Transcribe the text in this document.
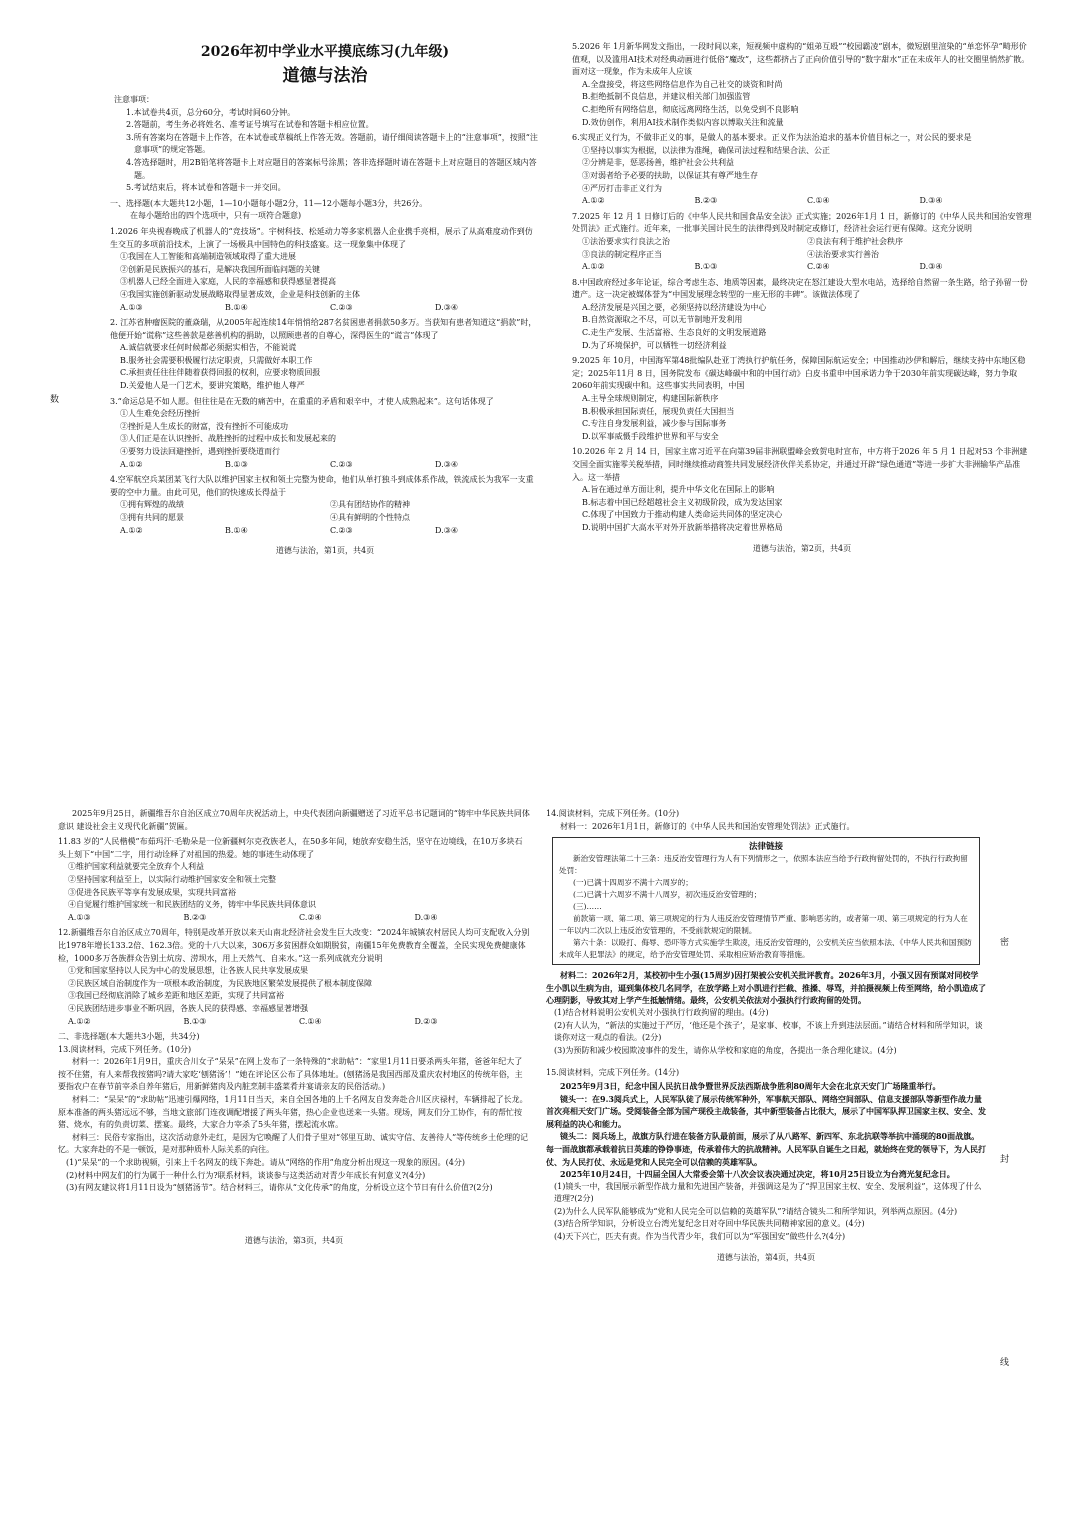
数
密
封
线
2026年初中学业水平摸底练习(九年级)
道德与法治
注意事项：
1.本试卷共4页，总分60分，考试时间60分钟。
2.答题前，考生务必将姓名、准考证号填写在试卷和答题卡相应位置。
3.所有答案均在答题卡上作答，在本试卷或草稿纸上作答无效。答题前，请仔细阅读答题卡上的“注意事项”，按照“注意事项”的规定答题。
4.答选择题时，用2B铅笔将答题卡上对应题目的答案标号涂黑；答非选择题时请在答题卡上对应题目的答题区域内答题。
5.考试结束后，将本试卷和答题卡一并交回。
一、选择题(本大题共12小题，1—10小题每小题2分，11—12小题每小题3分，共26分。
在每小题给出的四个选项中，只有一项符合题意)
1.2026 年央视春晚成了机器人的“竞技场”。宇树科技、松延动力等多家机器人企业携手亮相，展示了从高难度动作到仿生交互的多项前沿技术，上演了一场极具中国特色的科技盛宴。这一现象集中体现了
①我国在人工智能和高端制造领域取得了重大进展
②创新是民族振兴的基石，是解决我国所面临问题的关键
③机器人已经全面进入家庭，人民的幸福感和获得感显著提高
④我国实施创新驱动发展战略取得显著成效，企业是科技创新的主体
A.①③	B.①④	C.②③	D.③④
2. 江苏省肿瘤医院的董焱瑞，从2005年起连续14年悄悄给287名贫困患者捐款50多万。当获知有患者知道这“捐款”时，他便开始“谎称”这些善款是慈善机构的捐助，以照顾患者的自尊心，深得医生的“谎言”体现了
A.诚信就要求任何时候都必须据实相告，不能说谎
B.服务社会需要积极履行法定职责，只需做好本职工作
C.承担责任往往伴随着获得回报的权利，应要求物质回报
D.关爱他人是一门艺术，要讲究策略，维护他人尊严
3.“命运总是不如人愿。但往往是在无数的痛苦中，在重重的矛盾和艰辛中，才使人成熟起来”。这句话体现了
①人生难免会经历挫折
②挫折是人生成长的财富，没有挫折不可能成功
③人们正是在认识挫折、战胜挫折的过程中成长和发展起来的
④要努力设法回避挫折，遇到挫折要绕道而行
A.①②	B.①③	C.②③	D.③④
4.空军航空兵某团某飞行大队以维护国家主权和领土完整为使命，他们从单打独斗到成体系作战，铁流成长为我军一支重要的空中力量。由此可见，他们的快速成长得益于
①拥有辉煌的战绩	②具有团结协作的精神
③拥有共同的愿景	④具有鲜明的个性特点
A.①②	B.①④	C.②③	D.③④
道德与法治，第1页，共4页
5.2026 年 1月新华网发文指出，一段时间以来，短视频中虚构的“姐弟互殴”“校园霸凌”剧本，微短剧里渲染的“单恋怀孕”畸形价值观，以及滥用AI技术对经典动画进行低俗“魔改”，这些都挤占了正向价值引导的“数字甜水”正在未成年人的社交圈里悄然扩散。面对这一现象，作为未成年人应该
A.全盘接受，将这些网络信息作为自己社交的谈资和时尚
B.拒绝抵制不良信息，并建议相关部门加强监管
C.拒绝所有网络信息，彻底远离网络生活，以免受到不良影响
D.效仿创作，利用AI技术制作类似内容以博取关注和流量
6.实现正义行为，不做非正义的事，是做人的基本要求。正义作为法治追求的基本价值目标之一，对公民的要求是
①坚持以事实为根据，以法律为准绳，确保司法过程和结果合法、公正
②分辨是非，惩恶扬善，维护社会公共利益
③对弱者给予必要的扶助，以保证其有尊严地生存
④严厉打击非正义行为
A.①②	B.②③	C.①④	D.③④
7.2025 年 12 月 1 日修订后的《中华人民共和国食品安全法》正式实施；2026年1月 1 日，新修订的《中华人民共和国治安管理处罚法》正式施行。近年来，一批事关国计民生的法律得到及时制定或修订，经济社会运行更有保障。这充分说明
①法治要求实行良法之治	②良法有利于维护社会秩序
③良法的制定程序正当	④法治要求实行善治
A.①②	B.①③	C.②④	D.③④
8.中国政府经过多年论证，综合考虑生态、地质等因素，最终决定在怒江建设大型水电站，选择给自然留一条生路，给子孙留一份遗产。这一决定被媒体誉为“中国发展理念转型的一座无形的丰碑”。该做法体现了
A.经济发展是兴国之要，必须坚持以经济建设为中心
B.自然资源取之不尽，可以无节制地开发利用
C.走生产发展、生活富裕、生态良好的文明发展道路
D.为了环境保护，可以牺牲一切经济利益
9.2025 年 10月，中国海军第48批编队赴亚丁湾执行护航任务，保障国际航运安全；中国推动沙伊和解后，继续支持中东地区稳定；2025年11月 8 日，国务院发布《碳达峰碳中和的中国行动》白皮书重申中国承诺力争于2030年前实现碳达峰，努力争取2060年前实现碳中和。这些事实共同表明，中国
A.主导全球规则制定，构建国际新秩序
B.积极承担国际责任，展现负责任大国担当
C.专注自身发展利益，减少参与国际事务
D.以军事威慑手段维护世界和平与安全
10.2026 年 2 月 14 日，国家主席习近平在向第39届非洲联盟峰会致贺电时宣布，中方将于2026 年 5 月 1 日起对53 个非洲建交国全面实施零关税举措，同时继续推动商签共同发展经济伙伴关系协定，并通过开辟“绿色通道”等进一步扩大非洲输华产品准入。这一举措
A.旨在通过单方面让利，提升中华文化在国际上的影响
B.标志着中国已经超越社会主义初级阶段，成为发达国家
C.体现了中国致力于推动构建人类命运共同体的坚定决心
D.说明中国扩大高水平对外开放新举措将决定着世界格局
道德与法治，第2页，共4页
2025年9月25日，新疆维吾尔自治区成立70周年庆祝活动上，中央代表团向新疆赠送了习近平总书记题词的“铸牢中华民族共同体意识 建设社会主义现代化新疆”贺匾。
11.83 岁的“人民楷模”布茹玛汗·毛勒朵是一位新疆柯尔克孜族老人，在50多年间，她放弃安稳生活，坚守在边境线，在10万多块石头上刻下“中国”二字，用行动诠释了对祖国的热爱。她的事迹生动体现了
①维护国家利益就要完全放弃个人利益
②坚持国家利益至上，以实际行动维护国家安全和领土完整
③促进各民族平等享有发展成果，实现共同富裕
④自觉履行维护国家统一和民族团结的义务，铸牢中华民族共同体意识
A.①③	B.②③	C.②④	D.③④
12.新疆维吾尔自治区成立70周年，特别是改革开放以来天山南北经济社会发生巨大改变：“2024年城镇农村居民人均可支配收入分别比1978年增长133.2倍、162.3倍。党的十八大以来，306万多贫困群众如期脱贫，南疆15年免费教育全覆盖，全民实现免费健康体检，1000多万各族群众告别土炕房、涝坝水，用上天然气、自来水。”这一系列成就充分说明
①党和国家坚持以人民为中心的发展思想，让各族人民共享发展成果
②民族区域自治制度作为一项根本政治制度，为民族地区繁荣发展提供了根本制度保障
③我国已经彻底消除了城乡差距和地区差距，实现了共同富裕
④民族团结进步事业不断巩固，各族人民的获得感、幸福感显著增强
A.①②	B.①③	C.①④	D.②③
二、非选择题(本大题共3小题，共34分)
13.阅读材料，完成下列任务。(10分)
材料一：2026年1月9日，重庆合川女子“呆呆”在网上发布了一条特殊的“求助帖”：“家里1月11日要杀两头年猪，爸爸年纪大了按不住猪，有人来帮我按猪吗?请大家吃‘刨猪汤’！”她在评论区公布了具体地址。(刨猪汤是我国西部及重庆农村地区的传统年俗，主要指农户在春节前宰杀自养年猪后，用新鲜猪肉及内脏烹制丰盛菜肴并宴请亲友的民俗活动。)
材料二：“呆呆”的“求助帖”迅速引爆网络，1月11日当天，来自全国各地的上千名网友自发奔赴合川区庆禄村，车辆排起了长龙。原本准备的两头猪远远不够，当地文旅部门连夜调配增援了两头年猪，热心企业也送来一头猪。现场，网友们分工协作，有的帮忙按猪、烧水，有的负责切菜、摆宴。最终，大家合力宰杀了5头年猪，摆起流水席。
材料三：民俗专家指出，这次活动意外走红，是因为它唤醒了人们骨子里对“邻里互助、诚实守信、友善待人”等传统乡土伦理的记忆。大家奔赴的不是一顿饭，是对那种质朴人际关系的向往。
(1)“呆呆”的一个求助视频，引来上千名网友的线下奔赴。请从“网络的作用”角度分析出现这一现象的原因。(4分)
(2)材料中网友们的行为属于一种什么行为?联系材料，谈谈参与这类活动对青少年成长有何意义?(4分)
(3)有网友建议将1月11日设为“刨猪汤节”。结合材料三，请你从“文化传承”的角度，分析设立这个节日有什么价值?(2分)
道德与法治，第3页，共4页
14.阅读材料，完成下列任务。(10分)
材料一：2026年1月1日，新修订的《中华人民共和国治安管理处罚法》正式施行。
法律链接

新治安管理法第二十三条：违反治安管理行为人有下列情形之一，依照本法应当给予行政拘留处罚的，不执行行政拘留处罚：

(一)已满十四周岁不满十六周岁的；

(二)已满十六周岁不满十八周岁，初次违反治安管理的；

(三)……

前款第一项、第二项、第三项规定的行为人违反治安管理情节严重、影响恶劣的，或者第一项、第三项规定的行为人在一年以内二次以上违反治安管理的，不受前款规定的限制。

第六十条：以殴打、侮辱、恐吓等方式实施学生欺凌，违反治安管理的，公安机关应当依照本法、《中华人民共和国预防未成年人犯罪法》的规定，给予治安管理处罚、采取相应矫治教育等措施。

材料二：2026年2月，某校初中生小强(15周岁)因打架被公安机关批评教育。2026年3月，小强又因有预谋对同校学生小凯以生病为由，逼到集体校几名同学，在放学路上对小凯进行拦截、推搡、辱骂，并拍摄视频上传至网络，给小凯造成了心理阴影，导致其对上学产生抵触情绪。最终，公安机关依法对小强执行行政拘留的处罚。
(1)结合材料说明公安机关对小强执行行政拘留的理由。(4分)
(2)有人认为，“新法的实施过于严厉，‘他还是个孩子’，是家事、校事，不该上升到违法层面。”请结合材料和所学知识，谈谈你对这一观点的看法。(2分)
(3)为预防和减少校园欺凌事件的发生，请你从学校和家庭的角度，各提出一条合理化建议。(4分)
15.阅读材料，完成下列任务。(14分)
2025年9月3日，纪念中国人民抗日战争暨世界反法西斯战争胜利80周年大会在北京天安门广场隆重举行。
镜头一：在9.3阅兵式上，人民军队徒了展示传统军种外，军事航天部队、网络空间部队、信息支援部队等新型作战力量首次亮相天安门广场。受阅装备全部为国产现役主战装备，其中新型装备占比很大，展示了中国军队捍卫国家主权、安全、发展利益的决心和能力。
镜头二：阅兵场上，战旗方队行进在装备方队最前面，展示了从八路军、新四军、东北抗联等举抗中涌现的80面战旗。每一面战旗都承载着抗日英雄的铮铮事迹，传承着伟大的抗战精神。人民军队自诞生之日起，就始终在党的领导下，为人民打仗、为人民打仗、永远是党和人民完全可以信赖的英雄军队。
2025年10月24日，十四届全国人大常委会第十八次会议表决通过决定，将10月25日设立为台湾光复纪念日。
(1)镜头一中，我国展示新型作战力量和先进国产装备，并强调这是为了“捍卫国家主权、安全、发展利益”，这体现了什么道理?(2分)
(2)为什么人民军队能够成为“党和人民完全可以信赖的英雄军队”?请结合镜头二和所学知识，列举两点原因。(4分)
(3)结合所学知识，分析设立台湾光复纪念日对夺回中华民族共同精神家园的意义。(4分)
(4)天下兴亡，匹夫有责。作为当代青少年，我们可以为“军强国安”做些什么?(4分)
道德与法治，第4页，共4页
